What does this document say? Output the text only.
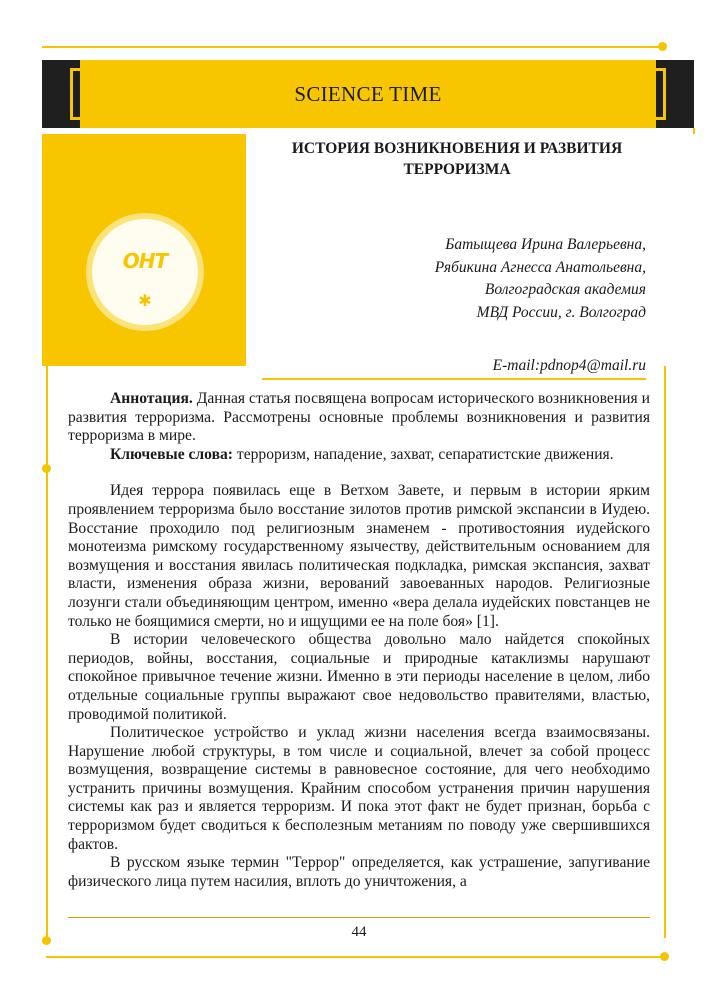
SCIENCE TIME
OHT
✱
ИСТОРИЯ ВОЗНИКНОВЕНИЯ И РАЗВИТИЯ
ТЕРРОРИЗМА
Батыщева Ирина Валерьевна,
Рябикина Агнесса Анатольевна,
Волгоградская академия
МВД России, г. Волгоград
E-mail:pdnop4@mail.ru

Аннотация. Данная статья посвящена вопросам исторического возникновения и развития терроризма. Рассмотрены основные проблемы возникновения и развития терроризма в мире.

Ключевые слова: терроризм, нападение, захват, сепаратистские движения.

Идея террора появилась еще в Ветхом Завете, и первым в истории ярким проявлением терроризма было восстание зилотов против римской экспансии в Иудею. Восстание проходило под религиозным знаменем - противостояния иудейского монотеизма римскому государственному язычеству, действительным основанием для возмущения и восстания явилась политическая подкладка, римская экспансия, захват власти, изменения образа жизни, верований завоеванных народов. Религиозные лозунги стали объединяющим центром, именно «вера делала иудейских повстанцев не только не боящимися смерти, но и ищущими ее на поле боя» [1].

В истории человеческого общества довольно мало найдется спокойных периодов, войны, восстания, социальные и природные катаклизмы нарушают спокойное привычное течение жизни. Именно в эти периоды население в целом, либо отдельные социальные группы выражают свое недовольство правителями, властью, проводимой политикой.

Политическое устройство и уклад жизни населения всегда взаимосвязаны. Нарушение любой структуры, в том числе и социальной, влечет за собой процесс возмущения, возвращение системы в равновесное состояние, для чего необходимо устранить причины возмущения. Крайним способом устранения причин нарушения системы как раз и является терроризм. И пока этот факт не будет признан, борьба с терроризмом будет сводиться к бесполезным метаниям по поводу уже свершившихся фактов.

В русском языке термин "Террор" определяется, как устрашение, запугивание физического лица путем насилия, вплоть до уничтожения, а

44
